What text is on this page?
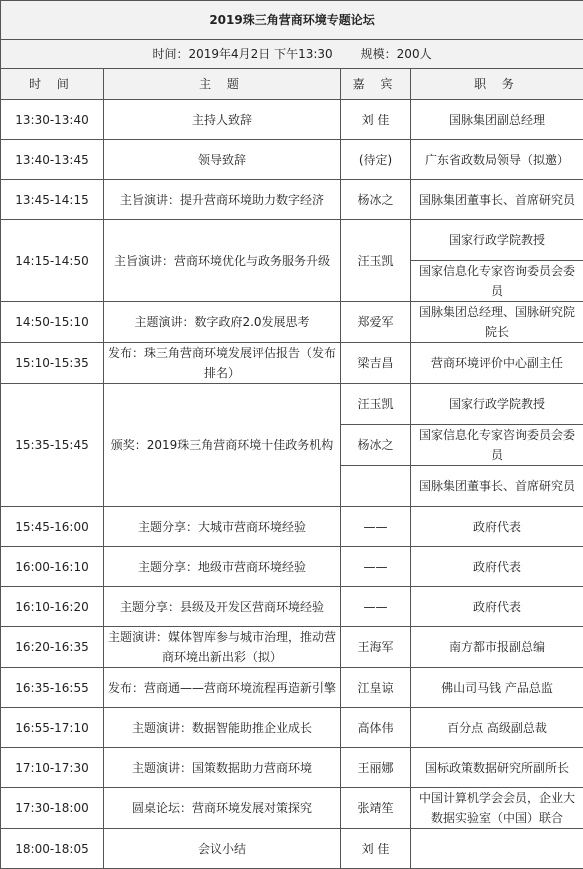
2019珠三角营商环境专题论坛			
时间：2019年4月2日 下午13:30 规模：200人			
时 间	主 题	嘉 宾	职 务
13:30-13:40	主持人致辞	刘 佳	国脉集团副总经理
13:40-13:45	领导致辞	(待定)	广东省政数局领导（拟邀）
13:45-14:15	主旨演讲：提升营商环境助力数字经济	杨冰之	国脉集团董事长、首席研究员
14:15-14:50	主旨演讲：营商环境优化与政务服务升级	汪玉凯	国家行政学院教授
			国家信息化专家咨询委员会委员
14:50-15:10	主题演讲：数字政府2.0发展思考	郑爱军	国脉集团总经理、国脉研究院院长
15:10-15:35	发布：珠三角营商环境发展评估报告（发布排名）	梁吉昌	营商环境评价中心副主任
15:35-15:45	颁奖：2019珠三角营商环境十佳政务机构	汪玉凯	国家行政学院教授
		杨冰之	国家信息化专家咨询委员会委员
			国脉集团董事长、首席研究员
15:45-16:00	主题分享：大城市营商环境经验	——	政府代表
16:00-16:10	主题分享：地级市营商环境经验	——	政府代表
16:10-16:20	主题分享：县级及开发区营商环境经验	——	政府代表
16:20-16:35	主题演讲：媒体智库参与城市治理，推动营商环境出新出彩（拟）	王海军	南方都市报副总编
16:35-16:55	发布：营商通——营商环境流程再造新引擎	江皇谅	佛山司马钱 产品总监
16:55-17:10	主题演讲：数据智能助推企业成长	高体伟	百分点 高级副总裁
17:10-17:30	主题演讲：国策数据助力营商环境	王丽娜	国标政策数据研究所副所长
17:30-18:00	圆桌论坛：营商环境发展对策探究	张靖笙	中国计算机学会会员，企业大数据实验室（中国）联合
18:00-18:05	会议小结	刘 佳	
